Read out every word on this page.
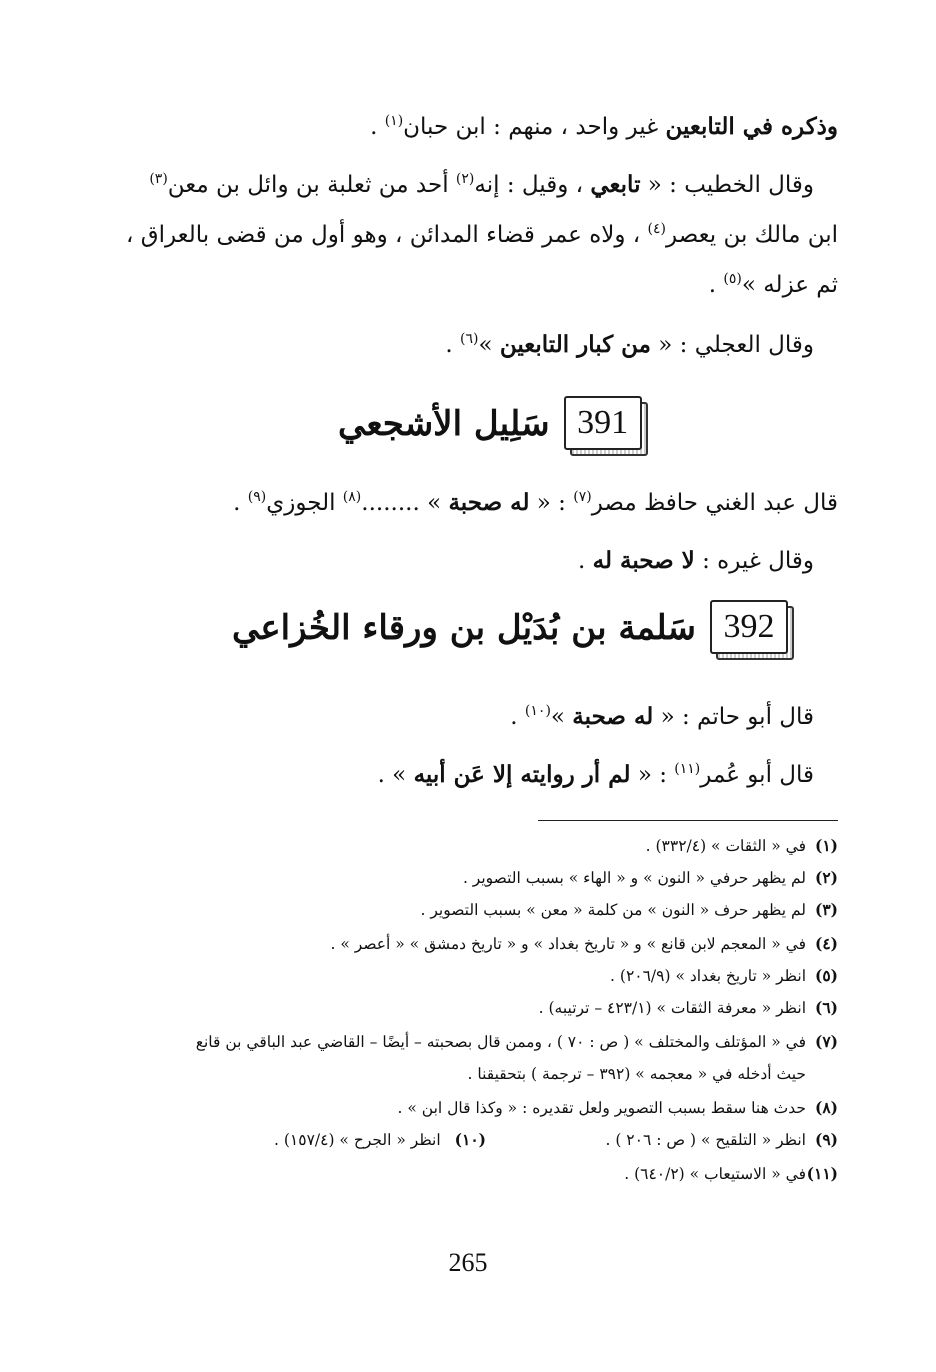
وذكره في التابعين غير واحد ، منهم : ابن حبان$^{(١)}$ .
وقال الخطيب : « تابعي ، وقيل : إنه$^{(٢)}$ أحد من ثعلبة بن وائل بن معن$^{(٣)}$
ابن مالك بن يعصر$^{(٤)}$ ، ولاه عمر قضاء المدائن ، وهو أول من قضى بالعراق ،
ثم عزله »$^{(٥)}$ .
وقال العجلي : « من كبار التابعين »$^{(٦)}$ .
391
سَلِيل الأشجعي
قال عبد الغني حافظ مصر$^{(٧)}$ : « له صحبة » ........$^{(٨)}$ الجوزي$^{(٩)}$ .
وقال غيره : لا صحبة له .
392
سَلمة بن بُدَيْل بن ورقاء الخُزاعي
قال أبو حاتم : « له صحبة »$^{(١٠)}$ .
قال أبو عُمر$^{(١١)}$ : « لم أر روايته إلا عَن أبيه » .
(١)في « الثقات » (٣٣٢/٤) .
(٢)لم يظهر حرفي « النون » و « الهاء » بسبب التصوير .
(٣)لم يظهر حرف « النون » من كلمة « معن » بسبب التصوير .
(٤)في « المعجم لابن قانع » و « تاريخ بغداد » و « تاريخ دمشق » « أعصر » .
(٥)انظر « تاريخ بغداد » (٢٠٦/٩) .
(٦)انظر « معرفة الثقات » (٤٢٣/١ – ترتيبه) .
(٧)في « المؤتلف والمختلف » ( ص : ٧٠ ) ، وممن قال بصحبته – أيضًا – القاضي عبد الباقي بن قانع
حيث أدخله في « معجمه » (٣٩٢ – ترجمة ) بتحقيقنا .
(٨)حدث هنا سقط بسبب التصوير ولعل تقديره : « وكذا قال ابن » .
(٩)انظر « التلقيح » ( ص : ٢٠٦ ) .
(١٠)انظر « الجرح » (١٥٧/٤) .
(١١)في « الاستيعاب » (٦٤٠/٢) .
265
